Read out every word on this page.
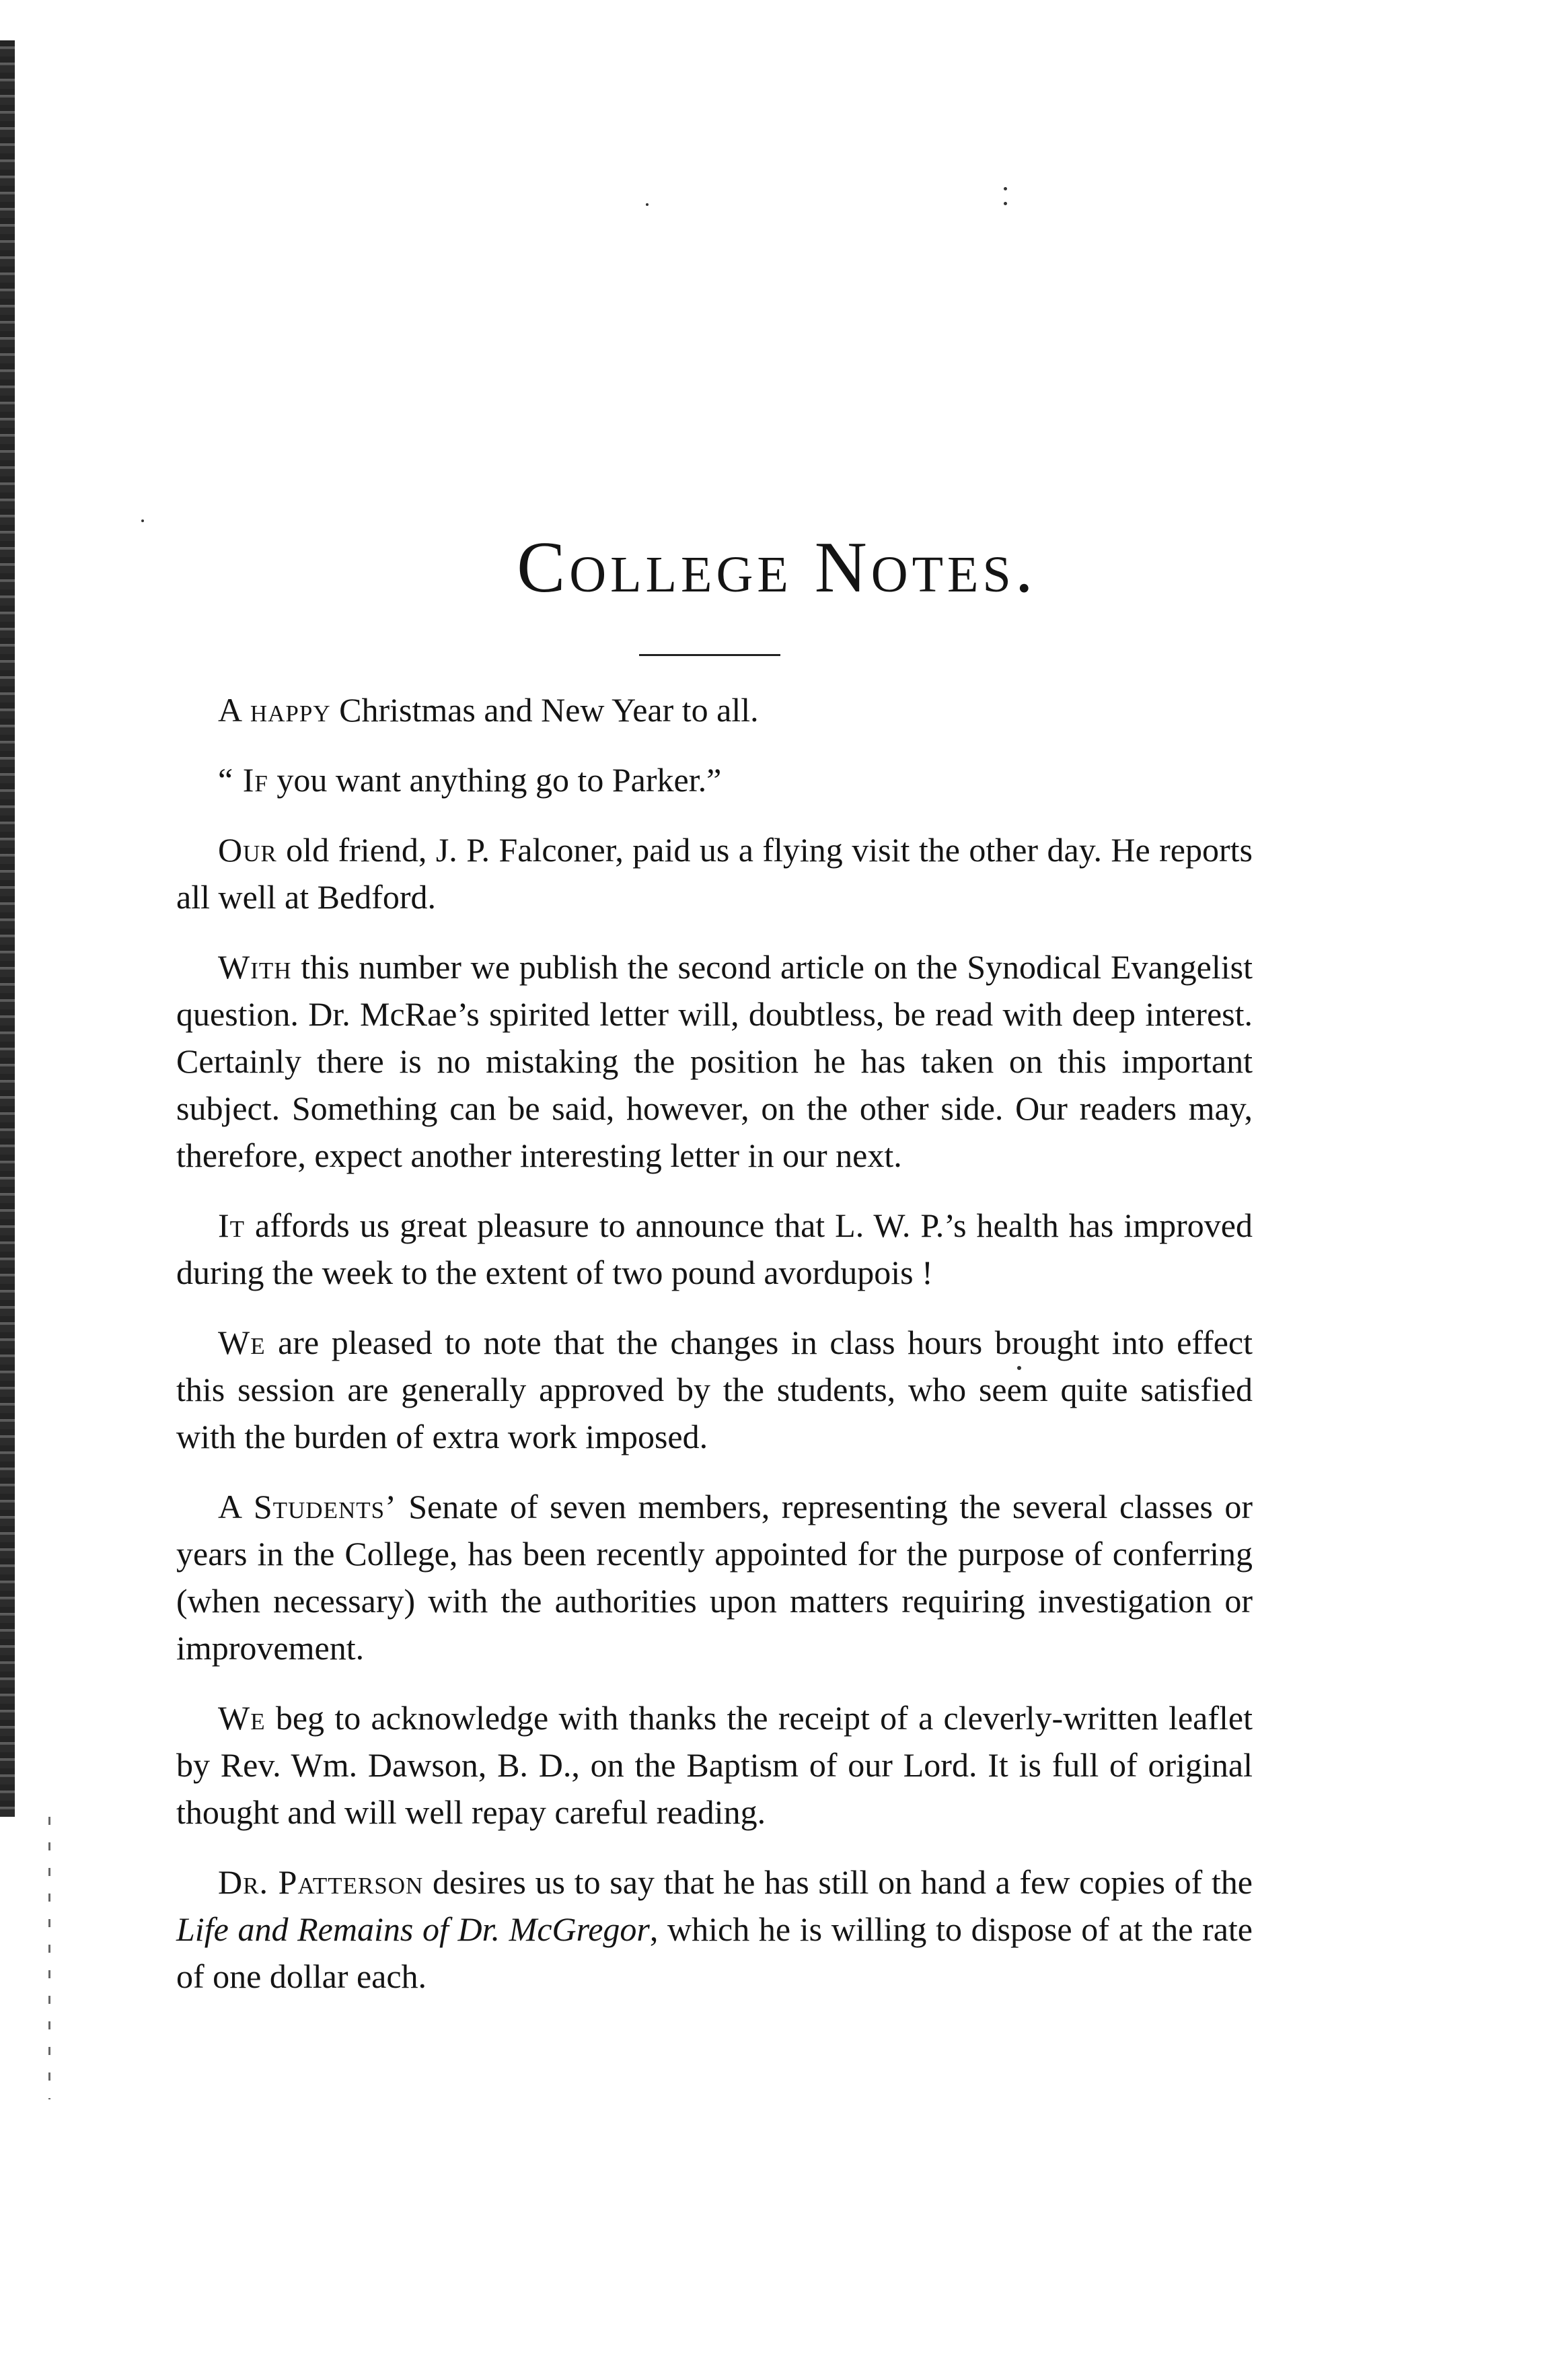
College Notes.

A happy Christmas and New Year to all.

“ If you want anything go to Parker.”

Our old friend, J. P. Falconer, paid us a flying visit the other day. He reports all well at Bedford.

With this number we publish the second article on the Synodical Evangelist question. Dr. McRae’s spirited letter will, doubtless, be read with deep interest. Certainly there is no mistaking the position he has taken on this important subject. Something can be said, however, on the other side. Our readers may, therefore, expect another interesting letter in our next.

It affords us great pleasure to announce that L. W. P.’s health has improved during the week to the extent of two pound avordupois !

We are pleased to note that the changes in class hours brought into effect this session are generally approved by the students, who seem quite satisfied with the burden of extra work imposed.

A Students’ Senate of seven members, representing the several classes or years in the College, has been recently appointed for the purpose of conferring (when necessary) with the authorities upon matters requiring investigation or improvement.

We beg to acknowledge with thanks the receipt of a cleverly-written leaflet by Rev. Wm. Dawson, B. D., on the Baptism of our Lord. It is full of original thought and will well repay careful reading.

Dr. Patterson desires us to say that he has still on hand a few copies of the Life and Remains of Dr. McGregor, which he is willing to dispose of at the rate of one dollar each.
